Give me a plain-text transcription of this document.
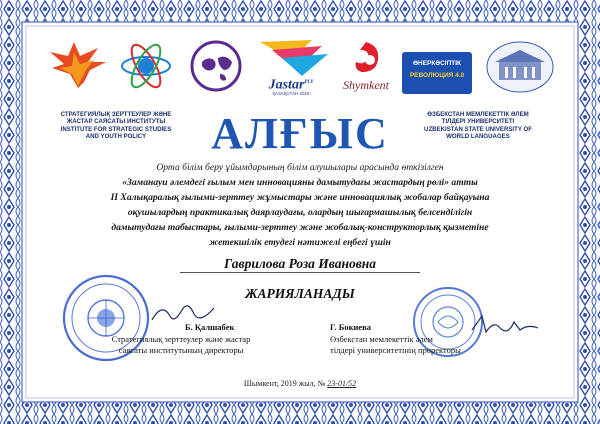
Jastar$^{PLY}$
ҚАЗАҚСТАН 2019
Shymkent
ӨНЕРКӘСІПТІК
РЕВОЛЮЦИЯ 4.0
СТРАТЕГИЯЛЫҚ ЗЕРТТЕУЛЕР ЖӘНЕ
ЖАСТАР САЯСАТЫ ИНСТИТУТЫ
INSTITUTE FOR STRATEGIC STUDIES
AND YOUTH POLICY
ӨЗБЕКСТАН МЕМЛЕКЕТТІК ӘЛЕМ
ТІЛДЕРІ УНИВЕРСИТЕТІ
UZBEKISTAN STATE UNIVERSITY OF
WORLD LANGUAGES
АЛҒЫС
Орта білім беру ұйымдарының білім алушылары арасында өткізілген
«Заманауи әлемдегі ғылым мен инновацияны дамытудағы жастардың рөлі» атты
II Халықаралық ғылыми-зерттеу жұмыстары және инновациялық жобалар байқауына
оқушылардың практикалық даярлаудағы, олардың шығармашылық белсенділігін
дамытудағы табыстары, ғылыми-зерттеу және жобалық-конструкторлық қызметіне
жетекшілік етудегі нәтижелі еңбегі үшін
Гаврилова Роза Ивановна
ЖАРИЯЛАНАДЫ
Б. Қалшабек
Стратегиялық зерттеулер және жастар
саясаты институтының директоры
Г. Бокиева
Өзбекстан мемлекеттік әлем
тілдері университетінің проректоры
Шымкент, 2019 жыл, № 23-01/52
